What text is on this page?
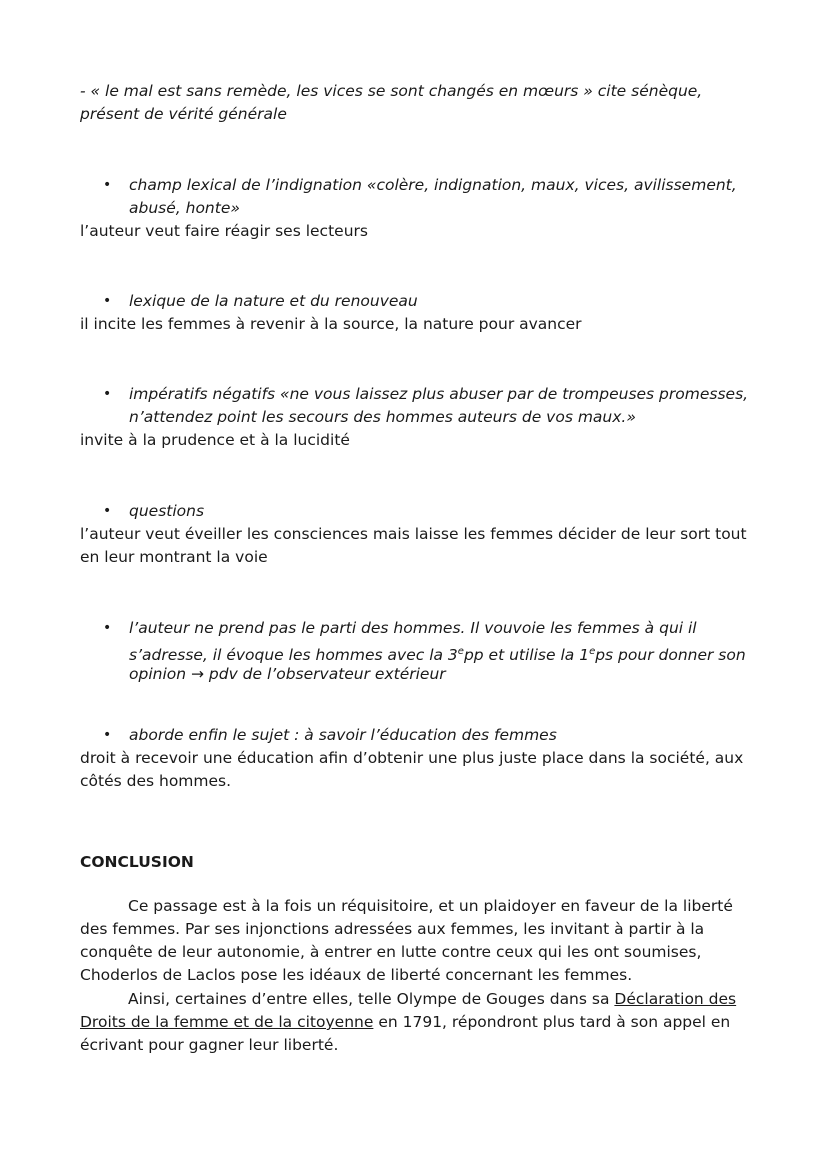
- « le mal est sans remède, les vices se sont changés en mœurs » cite sénèque,
présent de vérité générale
• champ lexical de l’indignation «colère, indignation, maux, vices, avilissement,
abusé, honte»
l’auteur veut faire réagir ses lecteurs
• lexique de la nature et du renouveau
il incite les femmes à revenir à la source, la nature pour avancer
• impératifs négatifs «ne vous laissez plus abuser par de trompeuses promesses,
n’attendez point les secours des hommes auteurs de vos maux.»
invite à la prudence et à la lucidité
• questions
l’auteur veut éveiller les consciences mais laisse les femmes décider de leur sort tout
en leur montrant la voie
• l’auteur ne prend pas le parti des hommes. Il vouvoie les femmes à qui il
s’adresse, il évoque les hommes avec la 3epp et utilise la 1eps pour donner son
opinion → pdv de l’observateur extérieur
• aborde enfin le sujet : à savoir l’éducation des femmes
droit à recevoir une éducation afin d’obtenir une plus juste place dans la société, aux
côtés des hommes.
CONCLUSION
Ce passage est à la fois un réquisitoire, et un plaidoyer en faveur de la liberté
des femmes. Par ses injonctions adressées aux femmes, les invitant à partir à la
conquête de leur autonomie, à entrer en lutte contre ceux qui les ont soumises,
Choderlos de Laclos pose les idéaux de liberté concernant les femmes.
Ainsi, certaines d’entre elles, telle Olympe de Gouges dans sa Déclaration des
Droits de la femme et de la citoyenne en 1791, répondront plus tard à son appel en
écrivant pour gagner leur liberté.
